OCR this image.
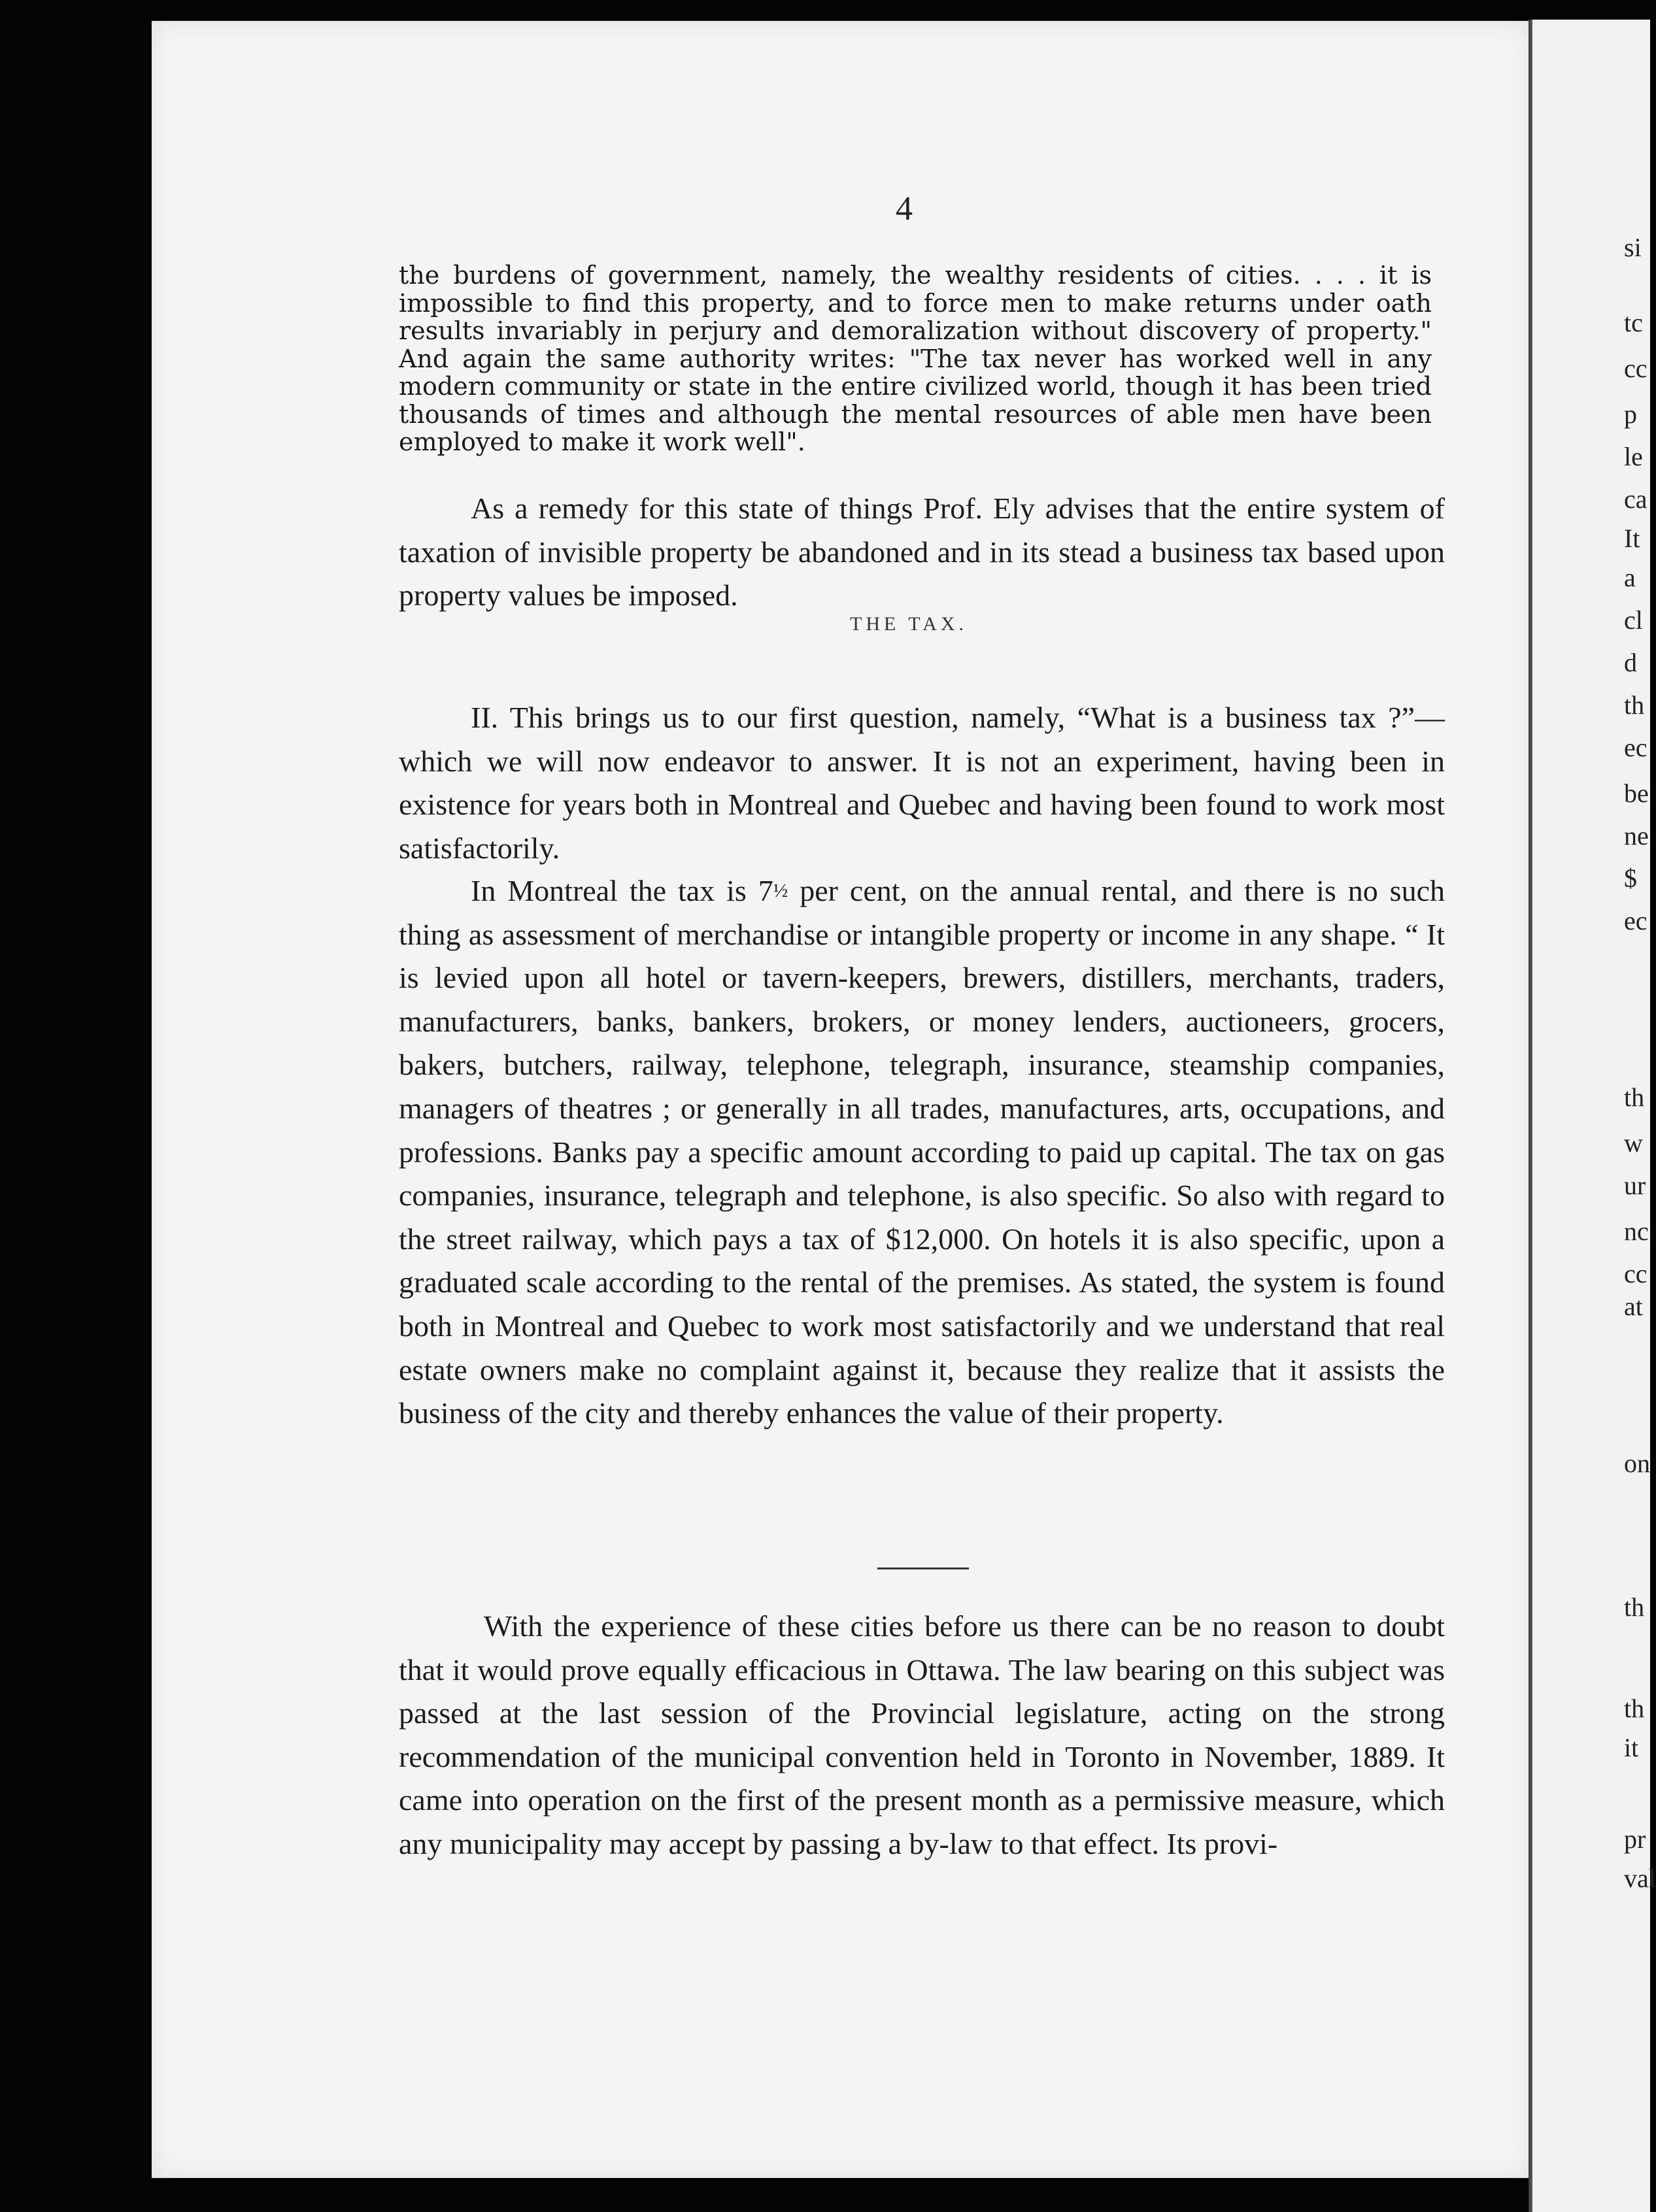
4
the burdens of government, namely, the wealthy residents of cities. . . . it is impossible to find this property, and to force men to make returns under oath results invariably in perjury and demoralization without discovery of property." And again the same authority writes: "The tax never has worked well in any modern community or state in the entire civilized world, though it has been tried thousands of times and although the mental resources of able men have been employed to make it work well".

As a remedy for this state of things Prof. Ely advises that the entire system of taxation of invisible property be abandoned and in its stead a business tax based upon property values be imposed.

THE TAX.

II. This brings us to our first question, namely, “What is a business tax ?”—which we will now endeavor to answer. It is not an experiment, having been in existence for years both in Montreal and Quebec and having been found to work most satisfactorily.

In Montreal the tax is 7½ per cent, on the annual rental, and there is no such thing as assessment of merchandise or intangible property or income in any shape. “ It is levied upon all hotel or tavern-keepers, brewers, distillers, merchants, traders, manufacturers, banks, bankers, brokers, or money lenders, auctioneers, grocers, bakers, butchers, railway, telephone, telegraph, insurance, steamship companies, managers of theatres ; or generally in all trades, manufactures, arts, occupations, and professions. Banks pay a specific amount according to paid up capital. The tax on gas companies, insurance, telegraph and telephone, is also specific. So also with regard to the street railway, which pays a tax of $12,000. On hotels it is also specific, upon a graduated scale according to the rental of the premises. As stated, the system is found both in Montreal and Quebec to work most satisfactorily and we understand that real estate owners make no complaint against it, because they realize that it assists the business of the city and thereby enhances the value of their property.

With the experience of these cities before us there can be no reason to doubt that it would prove equally efficacious in Ottawa. The law bearing on this subject was passed at the last session of the Provincial legislature, acting on the strong recommendation of the municipal convention held in Toronto in November, 1889. It came into operation on the first of the present month as a permissive measure, which any municipality may accept by passing a by-law to that effect. Its provi-

si
tc
cc
p
le
ca
It
a
cl
d
th
ec
be
ne
$
ec
th
w
ur
nc
cc
at
on
th
th
it
pr
val
